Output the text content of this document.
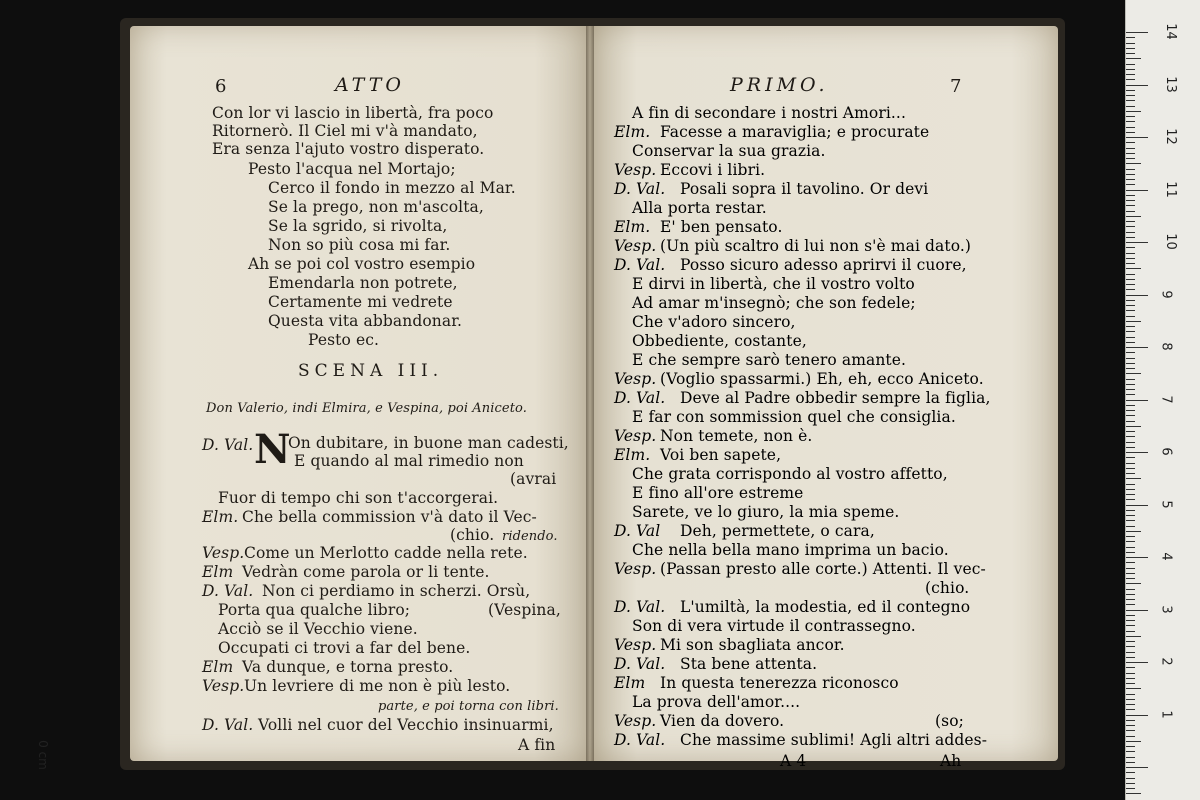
6	ATTO
Con lor vi lascio in libertà, fra poco
Ritornerò. Il Ciel mi v'à mandato,
Era senza l'ajuto vostro disperato.
Pesto l'acqua nel Mortajo;
Cerco il fondo in mezzo al Mar.
Se la prego, non m'ascolta,
Se la sgrido, si rivolta,
Non so più cosa mi far.
Ah se poi col vostro esempio
Emendarla non potrete,
Certamente mi vedrete
Questa vita abbandonar.
Pesto ec.
SCENA III.
Don Valerio, indi Elmira, e Vespina, poi Aniceto.
D. Val. N
On dubitare, in buone man cadesti,
E quando al mal rimedio non
(avrai
Fuor di tempo chi son t'accorgerai.
Elm. Che bella commission v'à dato il Vec-
(chio. ridendo.
Vesp. Come un Merlotto cadde nella rete.
Elm Vedràn come parola or li tente.
D. Val. Non ci perdiamo in scherzi. Orsù,
Porta qua qualche libro;	(Vespina,
Acciò se il Vecchio viene.
Occupati ci trovi a far del bene.
Elm Va dunque, e torna presto.
Vesp. Un levriere di me non è più lesto.
parte, e poi torna con libri.
D. Val. Volli nel cuor del Vecchio insinuarmi,
A fin
PRIMO.	7
A fin di secondare i nostri Amori...
Elm. Facesse a maraviglia; e procurate
Conservar la sua grazia.
Vesp. Eccovi i libri.
D. Val. Posali sopra il tavolino. Or devi
Alla porta restar.
Elm. E' ben pensato.
Vesp. (Un più scaltro di lui non s'è mai dato.)
D. Val. Posso sicuro adesso aprirvi il cuore,
E dirvi in libertà, che il vostro volto
Ad amar m'insegnò; che son fedele;
Che v'adoro sincero,
Obbediente, costante,
E che sempre sarò tenero amante.
Vesp. (Voglio spassarmi.) Eh, eh, ecco Aniceto.
D. Val. Deve al Padre obbedir sempre la figlia,
E far con sommission quel che consiglia.
Vesp. Non temete, non è.
Elm. Voi ben sapete,
Che grata corrispondo al vostro affetto,
E fino all'ore estreme
Sarete, ve lo giuro, la mia speme.
D. Val Deh, permettete, o cara,
Che nella bella mano imprima un bacio.
Vesp. (Passan presto alle corte.) Attenti. Il vec-
(chio.
D. Val. L'umiltà, la modestia, ed il contegno
Son di vera virtude il contrassegno.
Vesp. Mi son sbagliata ancor.
D. Val. Sta bene attenta.
Elm In questa tenerezza riconosco
La prova dell'amor....
Vesp. Vien da dovero.	(so;
D. Val. Che massime sublimi! Agli altri addes-
A 4	Ah
14
13
12
11
10
9
8
7
6
5
4
3
2
1
0 cm
